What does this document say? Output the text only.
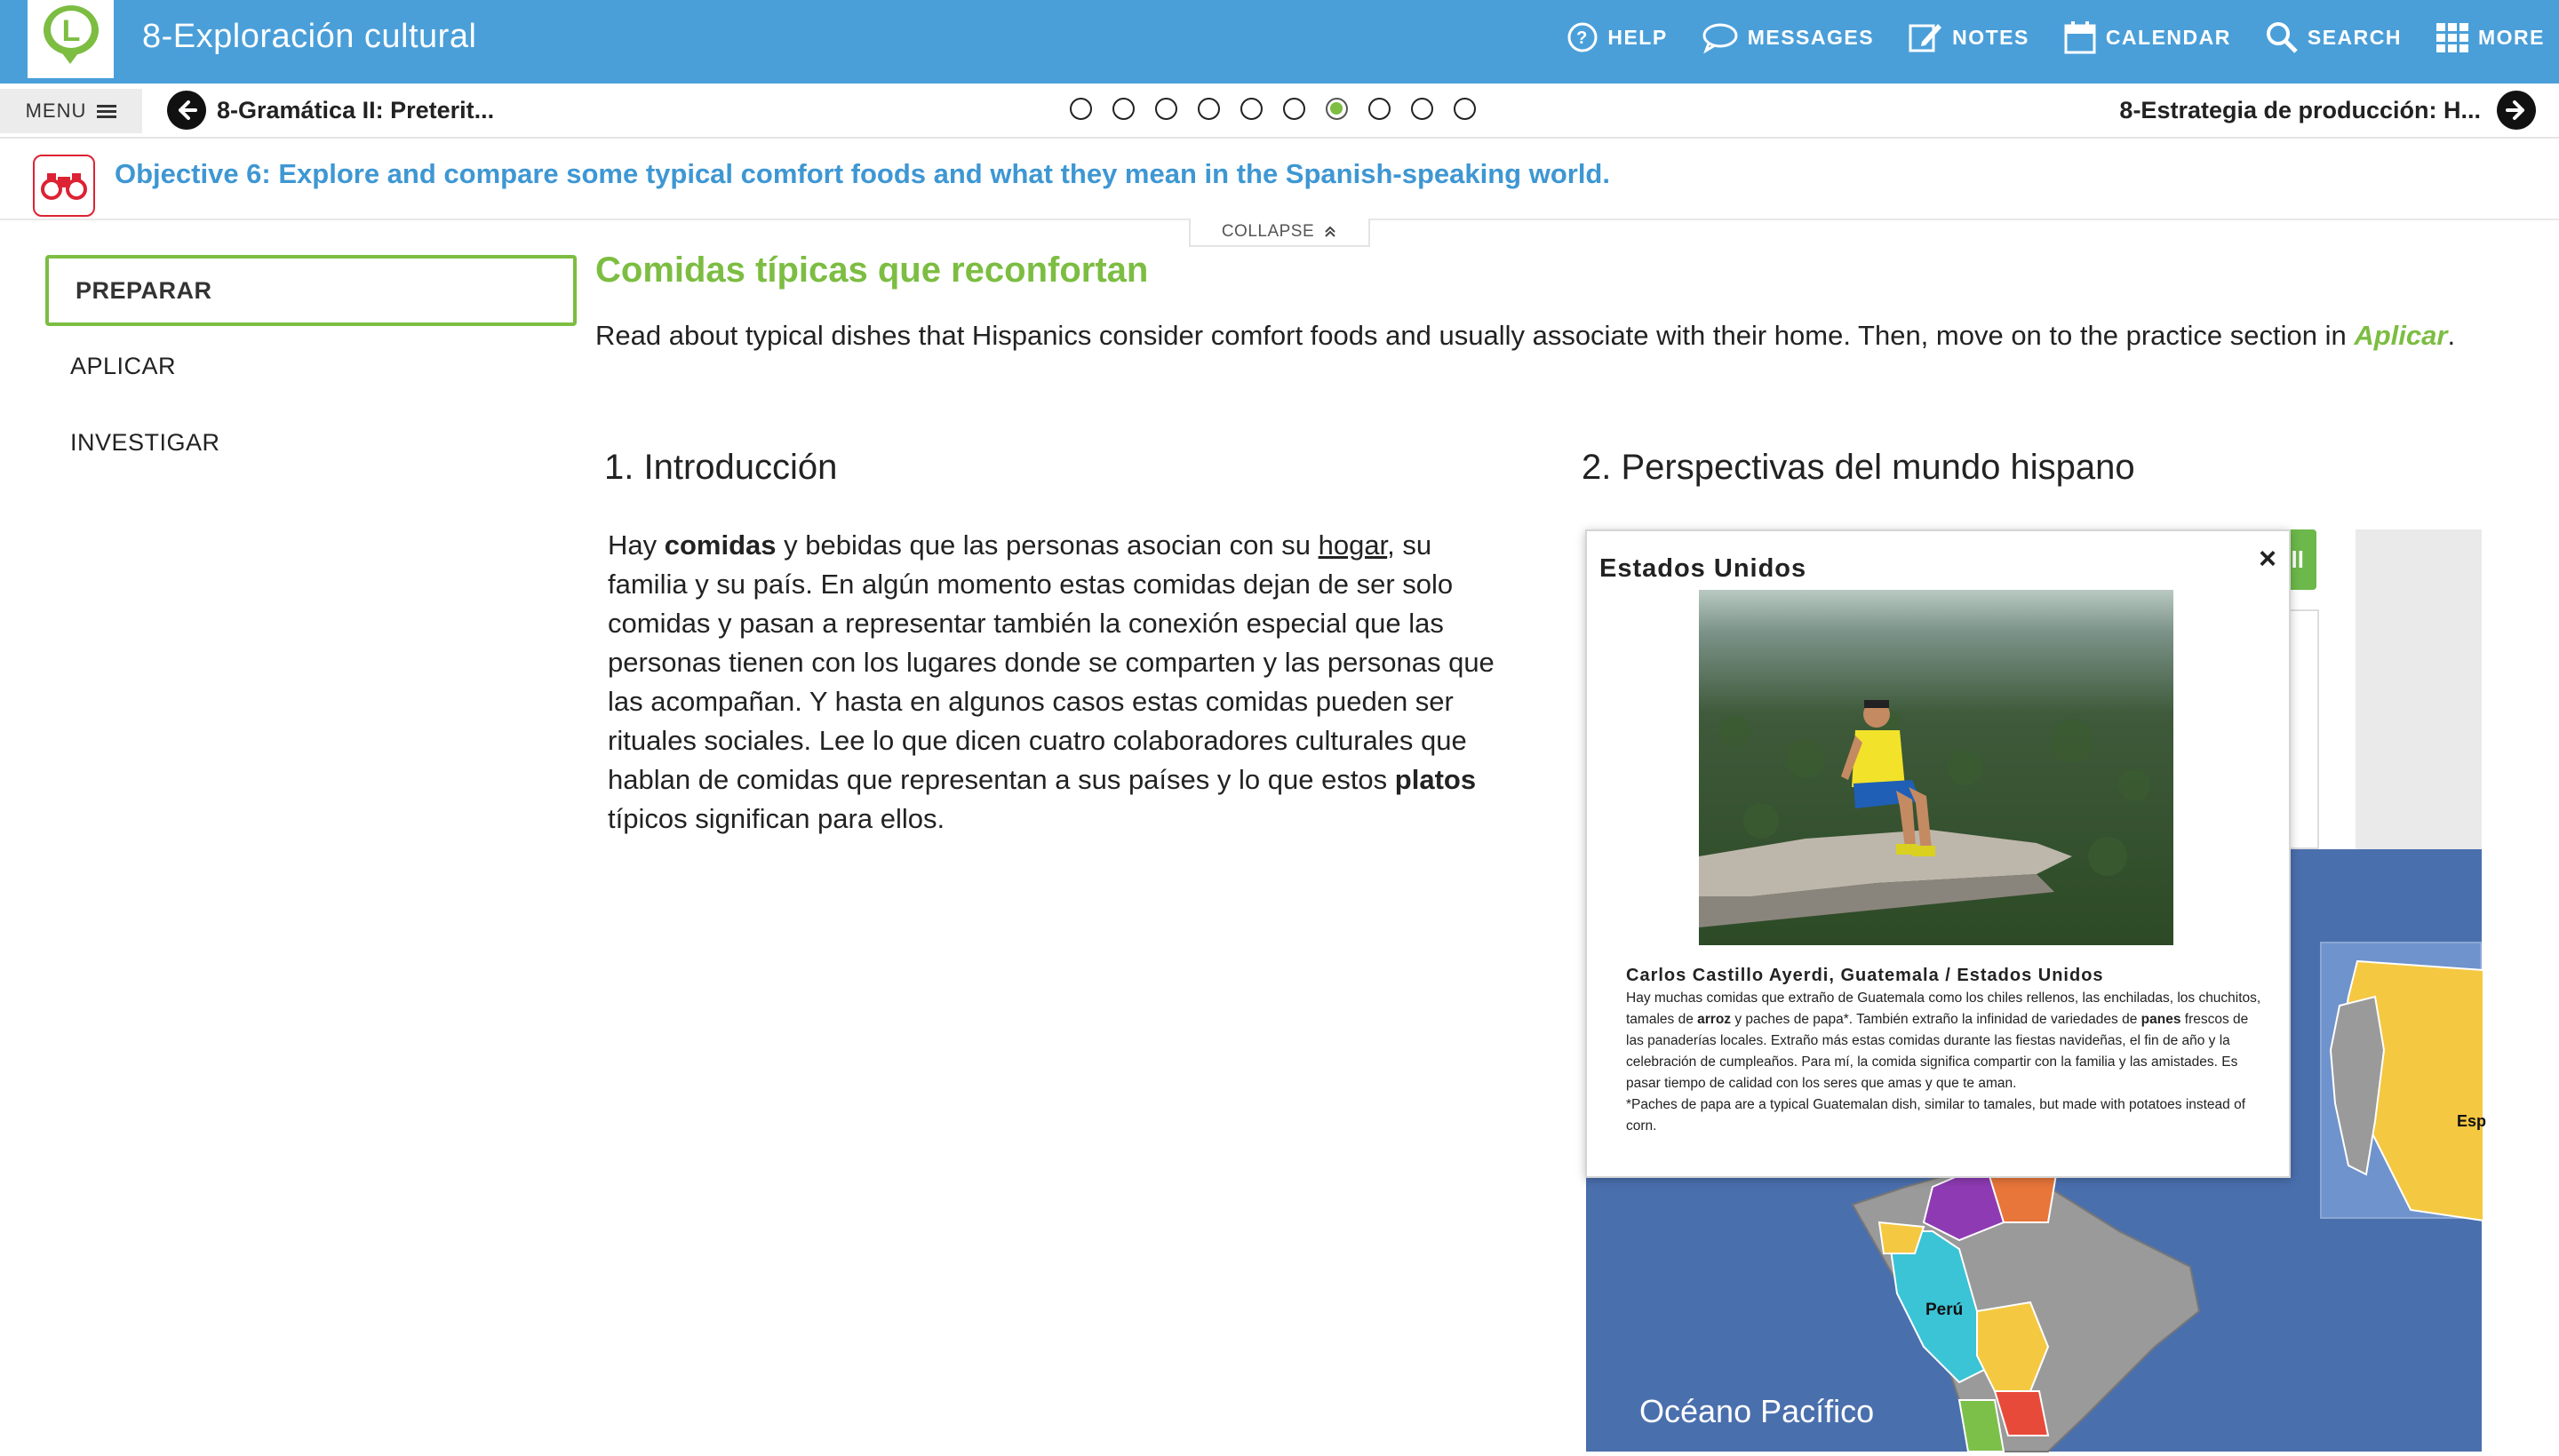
L	8-Exploración cultural	? HELP	MESSAGES	NOTES	CALENDAR	SEARCH	MORE
MENU	8-Gramática II: Preterit...	8-Estrategia de producción: H...
Objective 6: Explore and compare some typical comfort foods and what they mean in the Spanish-speaking world.
COLLAPSE
PREPARAR
APLICAR
INVESTIGAR
Comidas típicas que reconfortan
Read about typical dishes that Hispanics consider comfort foods and usually associate with their home. Then, move on to the practice section in Aplicar.
1. Introducción	2. Perspectivas del mundo hispano
Hay comidas y bebidas que las personas asocian con su hogar, su familia y su país. En algún momento estas comidas dejan de ser solo comidas y pasan a representar también la conexión especial que las personas tienen con los lugares donde se comparten y las personas que las acompañan. Y hasta en algunos casos estas comidas pueden ser rituales sociales. Lee lo que dicen cuatro colaboradores culturales que hablan de comidas que representan a sus países y lo que estos platos típicos significan para ellos.
ll
Esp
Perú
Océano Pacífico
Estados Unidos	×
Carlos Castillo Ayerdi, Guatemala / Estados Unidos
Hay muchas comidas que extraño de Guatemala como los chiles rellenos, las enchiladas, los chuchitos, tamales de arroz y paches de papa*. También extraño la infinidad de variedades de panes frescos de las panaderías locales. Extraño más estas comidas durante las fiestas navideñas, el fin de año y la celebración de cumpleaños. Para mí, la comida significa compartir con la familia y las amistades. Es pasar tiempo de calidad con los seres que amas y que te aman.
*Paches de papa are a typical Guatemalan dish, similar to tamales, but made with potatoes instead of corn.
